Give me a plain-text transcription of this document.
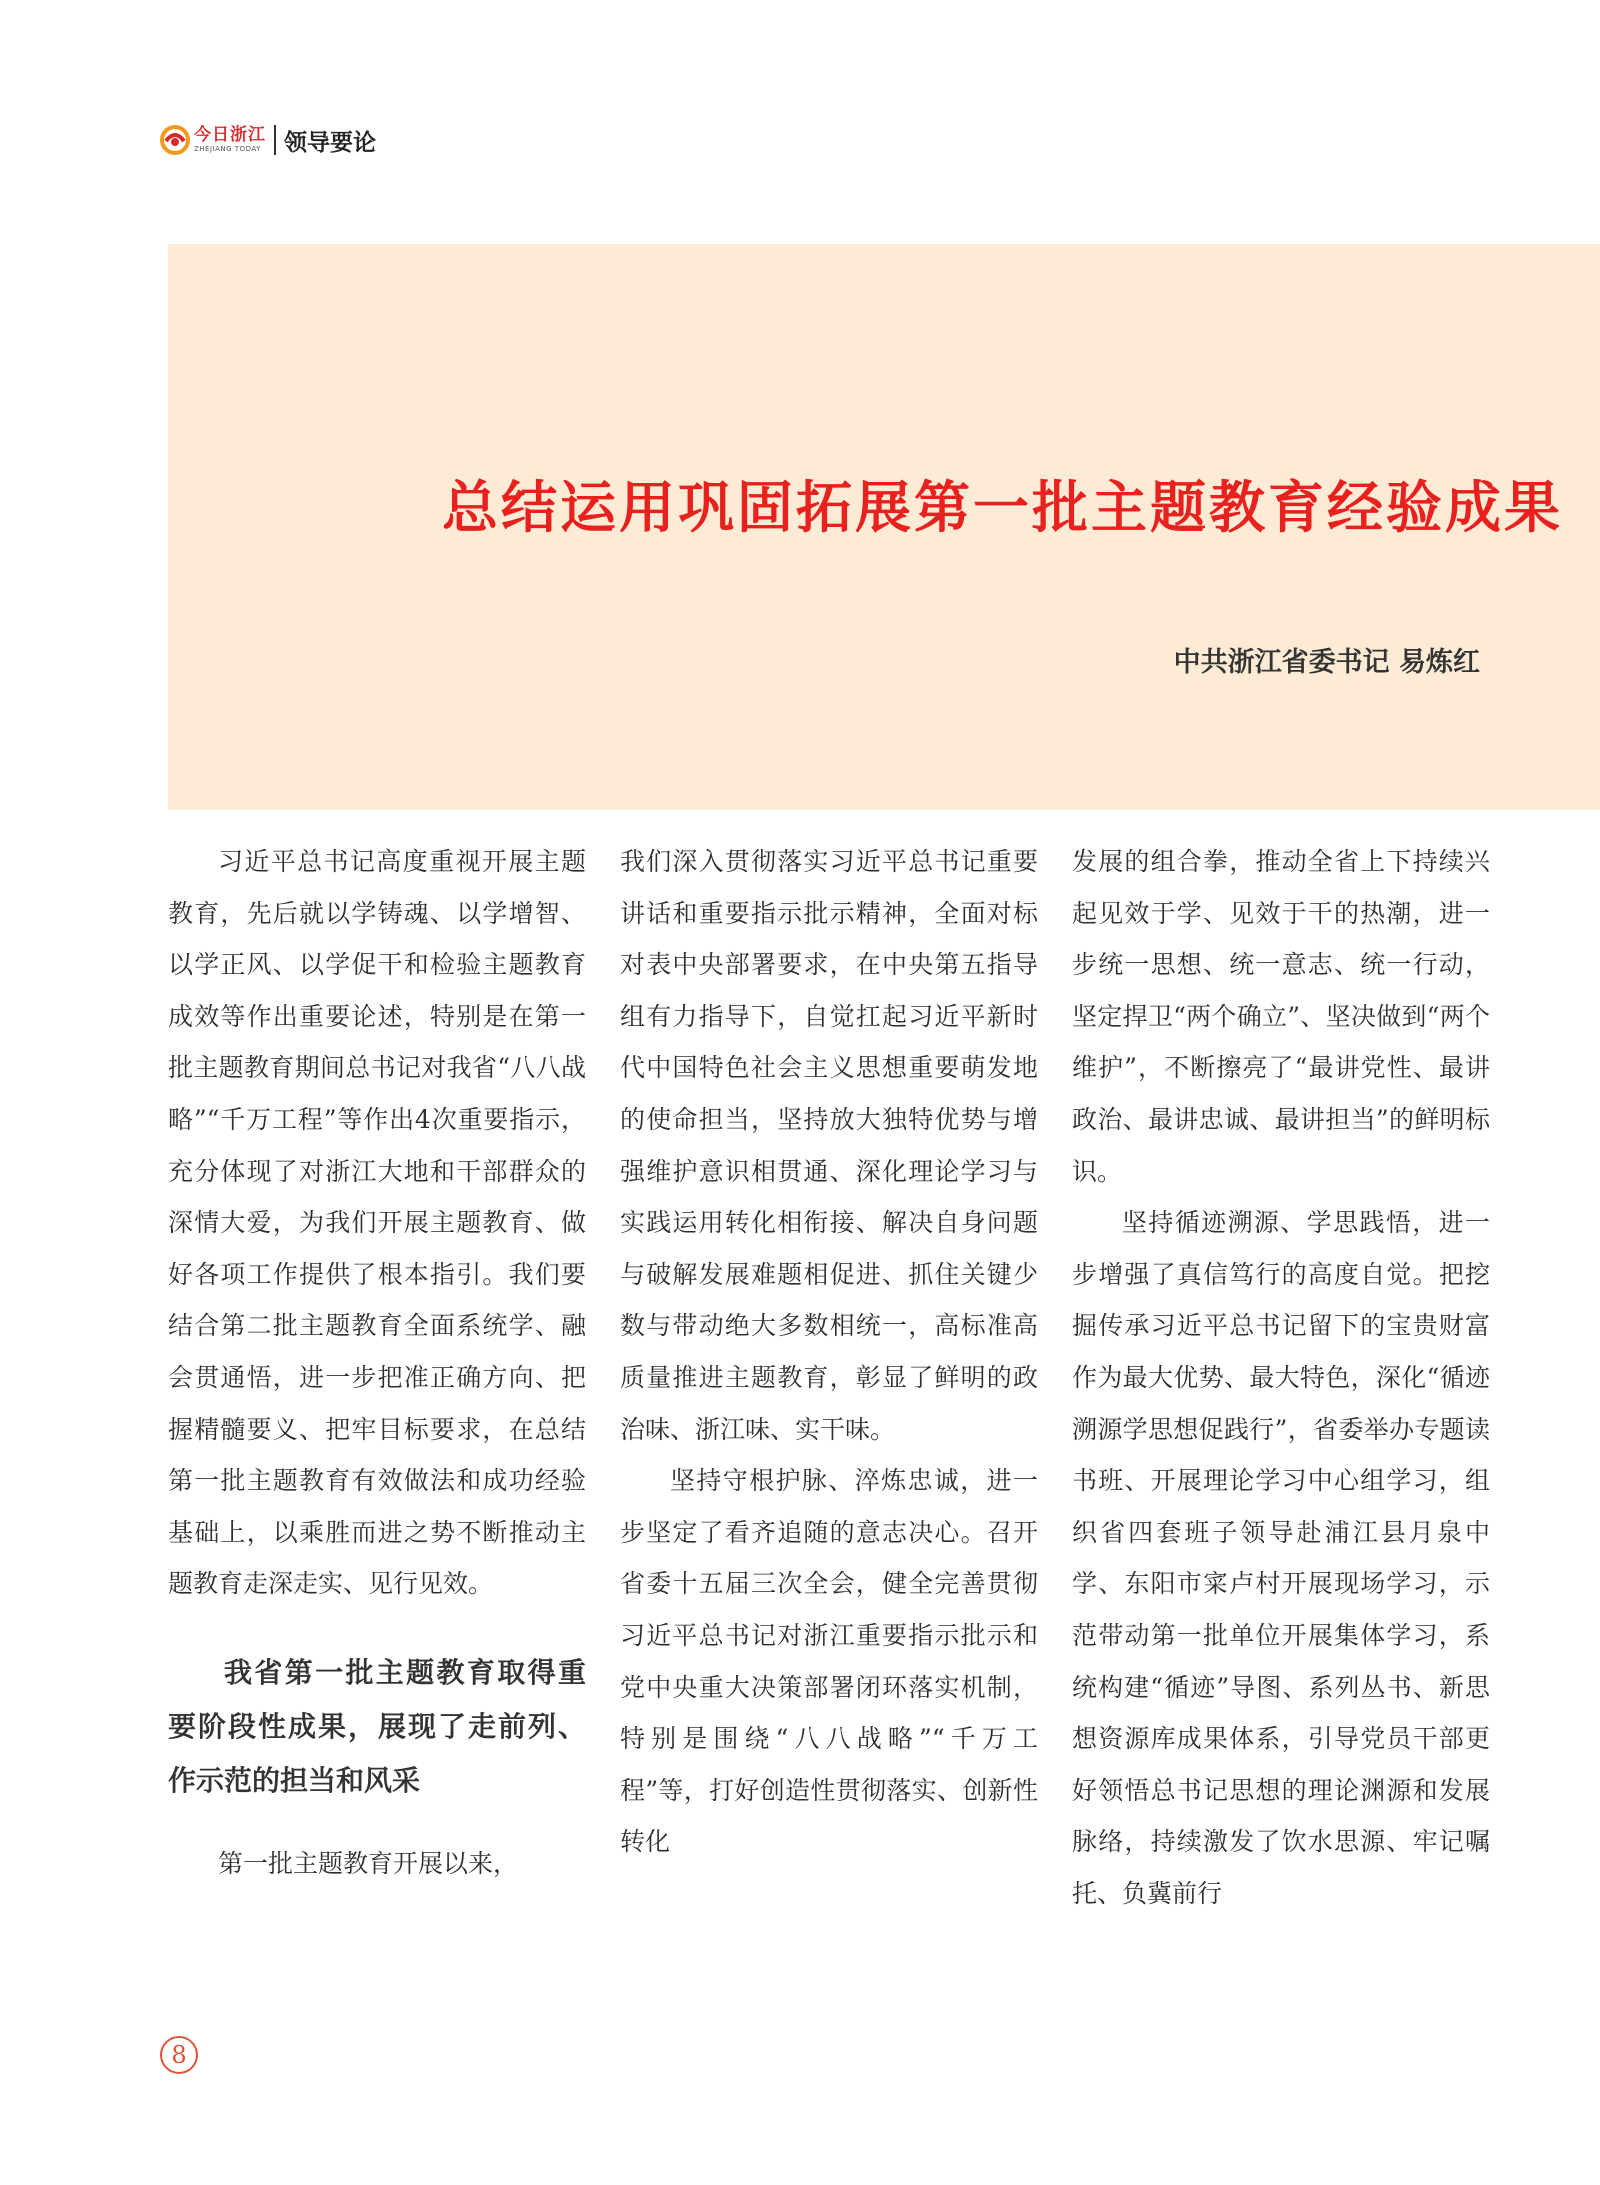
今日浙江
ZHEJIANG TODAY 领导要论
总结运用巩固拓展第一批主题教育经验成果
中共浙江省委书记 易炼红

习近平总书记高度重视开展主题教育，先后就以学铸魂、以学增智、以学正风、以学促干和检验主题教育成效等作出重要论述，特别是在第一批主题教育期间总书记对我省“八八战略”“千万工程”等作出4次重要指示，充分体现了对浙江大地和干部群众的深情大爱，为我们开展主题教育、做好各项工作提供了根本指引。我们要结合第二批主题教育全面系统学、融会贯通悟，进一步把准正确方向、把握精髓要义、把牢目标要求，在总结第一批主题教育有效做法和成功经验基础上，以乘胜而进之势不断推动主题教育走深走实、见行见效。

我省第一批主题教育取得重要阶段性成果，展现了走前列、作示范的担当和风采

第一批主题教育开展以来，

我们深入贯彻落实习近平总书记重要讲话和重要指示批示精神，全面对标对表中央部署要求，在中央第五指导组有力指导下，自觉扛起习近平新时代中国特色社会主义思想重要萌发地的使命担当，坚持放大独特优势与增强维护意识相贯通、深化理论学习与实践运用转化相衔接、解决自身问题与破解发展难题相促进、抓住关键少数与带动绝大多数相统一，高标准高质量推进主题教育，彰显了鲜明的政治味、浙江味、实干味。

坚持守根护脉、淬炼忠诚，进一步坚定了看齐追随的意志决心。召开省委十五届三次全会，健全完善贯彻习近平总书记对浙江重要指示批示和党中央重大决策部署闭环落实机制，特别是围绕“八八战略”“千万工程”等，打好创造性贯彻落实、创新性转化

发展的组合拳，推动全省上下持续兴起见效于学、见效于干的热潮，进一步统一思想、统一意志、统一行动，坚定捍卫“两个确立”、坚决做到“两个维护”，不断擦亮了“最讲党性、最讲政治、最讲忠诚、最讲担当”的鲜明标识。

坚持循迹溯源、学思践悟，进一步增强了真信笃行的高度自觉。把挖掘传承习近平总书记留下的宝贵财富作为最大优势、最大特色，深化“循迹溯源学思想促践行”，省委举办专题读书班、开展理论学习中心组学习，组织省四套班子领导赴浦江县月泉中学、东阳市寀卢村开展现场学习，示范带动第一批单位开展集体学习，系统构建“循迹”导图、系列丛书、新思想资源库成果体系，引导党员干部更好领悟总书记思想的理论渊源和发展脉络，持续激发了饮水思源、牢记嘱托、负冀前行

8
